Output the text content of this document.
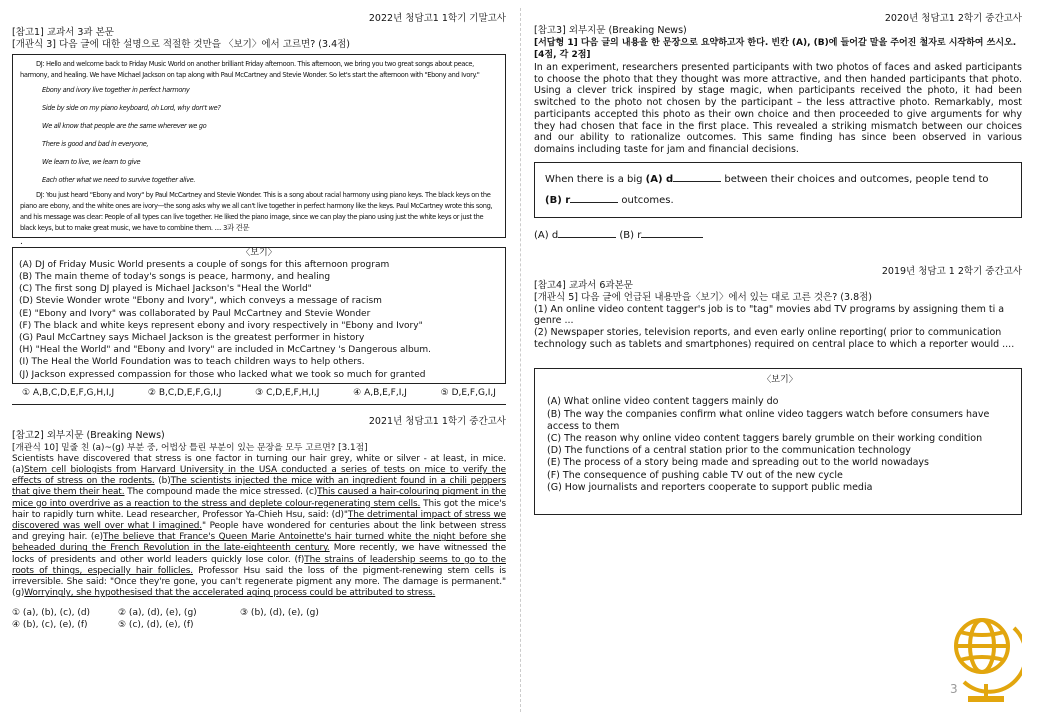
2022년 청담고1 1학기 기말고사
[참고1] 교과서 3과 본문
[개관식 3] 다음 글에 대한 설명으로 적절한 것만을 〈보기〉에서 고르면? (3.4점)

DJ: Hello and welcome back to Friday Music World on another brilliant Friday afternoon. This afternoon, we bring you two great songs about peace, harmony, and healing. We have Michael Jackson on tap along with Paul McCartney and Stevie Wonder. So let's start the afternoon with "Ebony and Ivory."

Ebony and ivory live together in perfect harmony
Side by side on my piano keyboard, oh Lord, why don't we?
We all know that people are the same wherever we go
There is good and bad in everyone,
We learn to live, we learn to give
Each other what we need to survive together alive.

DJ: You just heard "Ebony and Ivory" by Paul McCartney and Stevie Wonder. This is a song about racial harmony using piano keys. The black keys on the piano are ebony, and the white ones are ivory—the song asks why we all can't live together in perfect harmony like the keys. Paul McCartney wrote this song, and his message was clear: People of all types can live together. He liked the piano image, since we can play the piano using just the white keys or just the black keys, but to make great music, we have to combine them. .... 3과 견문

.
〈보기〉
(A) DJ of Friday Music World presents a couple of songs for this afternoon program
(B) The main theme of today's songs is peace, harmony, and healing
(C) The first song DJ played is Michael Jackson's "Heal the World"
(D) Stevie Wonder wrote "Ebony and Ivory", which conveys a message of racism
(E) "Ebony and Ivory" was collaborated by Paul McCartney and Stevie Wonder
(F) The black and white keys represent ebony and ivory respectively in "Ebony and Ivory"
(G) Paul McCartney says Michael Jackson is the greatest performer in history
(H) "Heal the World" and "Ebony and Ivory" are included in McCartney 's Dangerous album.
(I) The Heal the World Foundation was to teach children ways to help others.
(J) Jackson expressed compassion for those who lacked what we took so much for granted
① A,B,C,D,E,F,G,H,I,J	② B,C,D,E,F,G,I,J	③ C,D,E,F,H,I,J	④ A,B,E,F,I,J	⑤ D,E,F,G,I,J
2021년 청담고1 1학기 중간고사
[참고2] 외부지문 (Breaking News)
[개관식 10] 밑줄 친 (a)~(g) 부분 중, 어법상 틀린 부분이 있는 문장을 모두 고르면? [3.1점]
Scientists have discovered that stress is one factor in turning our hair grey, white or silver - at least, in mice. (a)Stem cell biologists from Harvard University in the USA conducted a series of tests on mice to verify the effects of stress on the rodents. (b)The scientists injected the mice with an ingredient found in a chili peppers that give them their heat. The compound made the mice stressed. (c)This caused a hair-colouring pigment in the mice go into overdrive as a reaction to the stress and deplete colour-regenerating stem cells. This got the mice's hair to rapidly turn white. Lead researcher, Professor Ya-Chieh Hsu, said: (d)"The detrimental impact of stress we discovered was well over what I imagined." People have wondered for centuries about the link between stress and greying hair. (e)The believe that France's Queen Marie Antoinette's hair turned white the night before she beheaded during the French Revolution in the late-eighteenth century. More recently, we have witnessed the locks of presidents and other world leaders quickly lose color. (f)The strains of leadership seems to go to the roots of things, especially hair follicles. Professor Hsu said the loss of the pigment-renewing stem cells is irreversible. She said: "Once they're gone, you can't regenerate pigment any more. The damage is permanent." (g)Worryingly, she hypothesised that the accelerated aging process could be attributed to stress.
① (a), (b), (c), (d)	② (a), (d), (e), (g)	③ (b), (d), (e), (g)
④ (b), (c), (e), (f)	⑤ (c), (d), (e), (f)
2020년 청담고1 2학기 중간고사
[참고3] 외부지문 (Breaking News)
[서답형 1] 다음 글의 내용을 한 문장으로 요약하고자 한다. 빈칸 (A), (B)에 들어갈 말을 주어진 철자로 시작하여 쓰시오. [4점, 각 2점]
In an experiment, researchers presented participants with two photos of faces and asked participants to choose the photo that they thought was more attractive, and then handed participants that photo. Using a clever trick inspired by stage magic, when participants received the photo, it had been switched to the photo not chosen by the participant – the less attractive photo. Remarkably, most participants accepted this photo as their own choice and then proceeded to give arguments for why they had chosen that face in the first place. This revealed a striking mismatch between our choices and our ability to rationalize outcomes. This same finding has since been observed in various domains including taste for jam and financial decisions.
When there is a big (A) d	between their choices and outcomes, people tend to
(B) r	outcomes.
(A) d	(B) r
2019년 청담고 1 2학기 중간고사
[참고4] 교과서 6과본문
[개관식 5] 다음 글에 언급된 내용만을〈보기〉에서 있는 대로 고른 것은? (3.8점)
(1) An online video content tagger's job is to "tag" movies abd TV programs by assigning them ti a genre ...
(2) Newspaper stories, television reports, and even early online reporting( prior to communication technology such as tablets and smartphones) required on central place to which a reporter would ....
〈보기〉
(A) What online video content taggers mainly do
(B) The way the companies confirm what online video taggers watch before consumers have access to them
(C) The reason why online video content taggers barely grumble on their working condition
(D) The functions of a central station prior to the communication technology
(E) The process of a story being made and spreading out to the world nowadays
(F) The consequence of pushing cable TV out of the new cycle
(G) How journalists and reporters cooperate to support public media
3
